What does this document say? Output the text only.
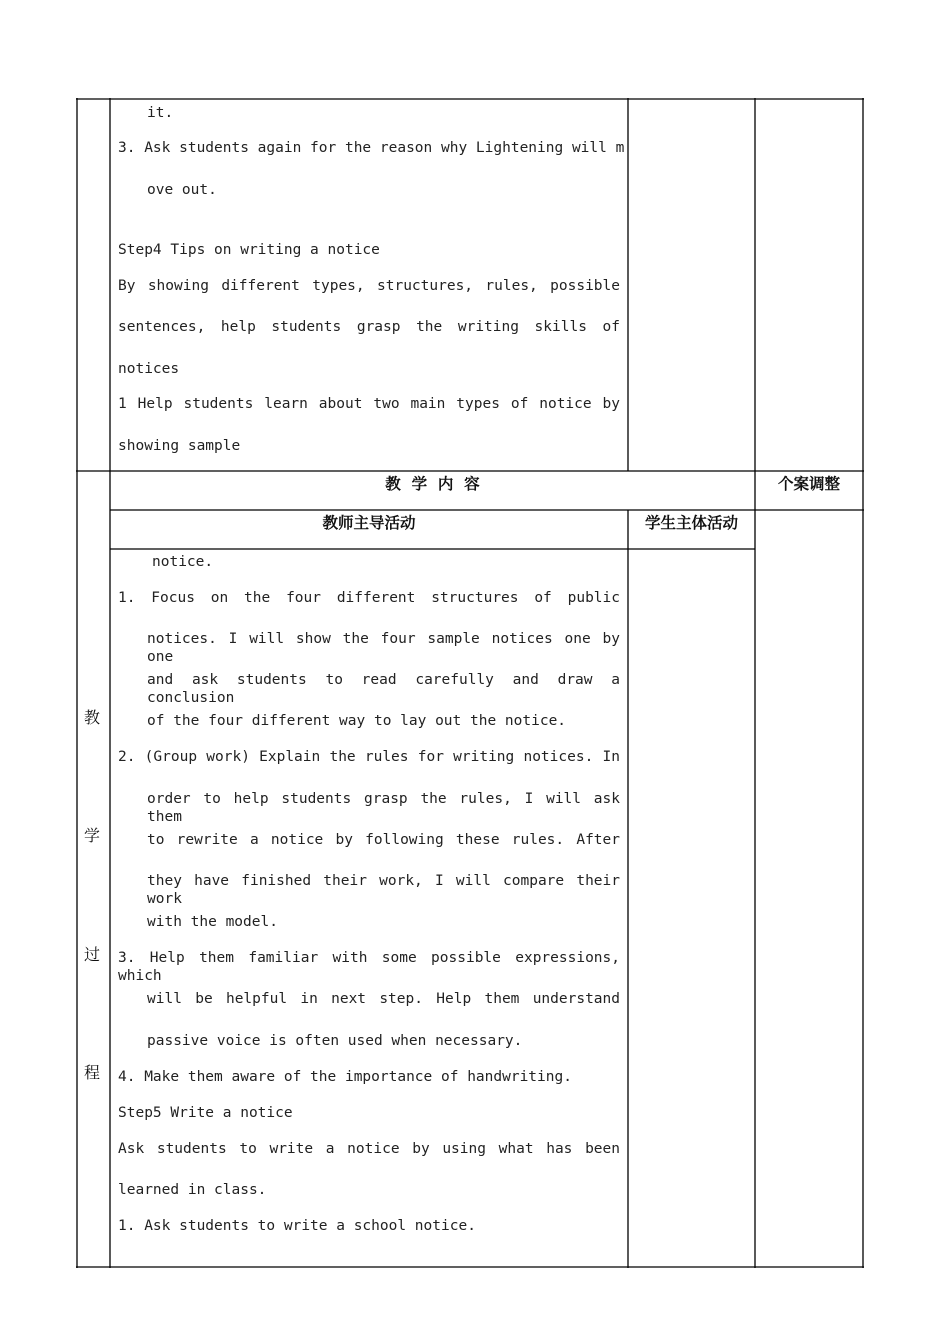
it.
3. Ask students again for the reason why Lightening will m
ove out.
Step4 Tips on writing a notice
By showing different types, structures, rules, possible
sentences, help students grasp the writing skills of
notices
1 Help students learn about two main types of notice by
showing sample
教  学  内  容	个案调整
教师主导活动	学生主体活动
教
学
过
程
notice.
1. Focus on the four different structures of public
notices. I will show the four sample notices one by one
and ask students to read carefully and draw a conclusion
of the four different way to lay out the notice.
2. (Group work) Explain the rules for writing notices. In
order to help students grasp the rules, I will ask them
to rewrite a notice by following these rules. After
they have finished their work, I will compare their work
with the model.
3. Help them familiar with some possible expressions, which
will be helpful in next step. Help them understand
passive voice is often used when necessary.
4. Make them aware of the importance of handwriting.
Step5 Write a notice
Ask students to write a notice by using what has been
learned in class.
1. Ask students to write a school notice.
